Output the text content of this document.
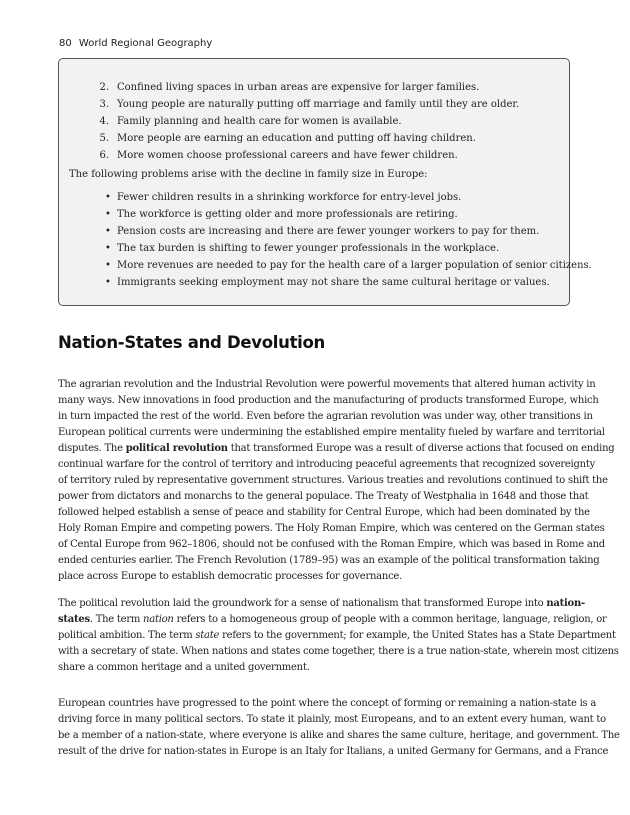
80 World Regional Geography
2. Confined living spaces in urban areas are expensive for larger families.
3. Young people are naturally putting off marriage and family until they are older.
4. Family planning and health care for women is available.
5. More people are earning an education and putting off having children.
6. More women choose professional careers and have fewer children.
The following problems arise with the decline in family size in Europe:
• Fewer children results in a shrinking workforce for entry-level jobs.
• The workforce is getting older and more professionals are retiring.
• Pension costs are increasing and there are fewer younger workers to pay for them.
• The tax burden is shifting to fewer younger professionals in the workplace.
• More revenues are needed to pay for the health care of a larger population of senior citizens.
• Immigrants seeking employment may not share the same cultural heritage or values.
Nation-States and Devolution
The agrarian revolution and the Industrial Revolution were powerful movements that altered human activity in
many ways. New innovations in food production and the manufacturing of products transformed Europe, which
in turn impacted the rest of the world. Even before the agrarian revolution was under way, other transitions in
European political currents were undermining the established empire mentality fueled by warfare and territorial
disputes. The political revolution that transformed Europe was a result of diverse actions that focused on ending
continual warfare for the control of territory and introducing peaceful agreements that recognized sovereignty
of territory ruled by representative government structures. Various treaties and revolutions continued to shift the
power from dictators and monarchs to the general populace. The Treaty of Westphalia in 1648 and those that
followed helped establish a sense of peace and stability for Central Europe, which had been dominated by the
Holy Roman Empire and competing powers. The Holy Roman Empire, which was centered on the German states
of Cental Europe from 962–1806, should not be confused with the Roman Empire, which was based in Rome and
ended centuries earlier. The French Revolution (1789–95) was an example of the political transformation taking
place across Europe to establish democratic processes for governance.
The political revolution laid the groundwork for a sense of nationalism that transformed Europe into nation-
states. The term nation refers to a homogeneous group of people with a common heritage, language, religion, or
political ambition. The term state refers to the government; for example, the United States has a State Department
with a secretary of state. When nations and states come together, there is a true nation-state, wherein most citizens
share a common heritage and a united government.
European countries have progressed to the point where the concept of forming or remaining a nation-state is a
driving force in many political sectors. To state it plainly, most Europeans, and to an extent every human, want to
be a member of a nation-state, where everyone is alike and shares the same culture, heritage, and government. The
result of the drive for nation-states in Europe is an Italy for Italians, a united Germany for Germans, and a France
